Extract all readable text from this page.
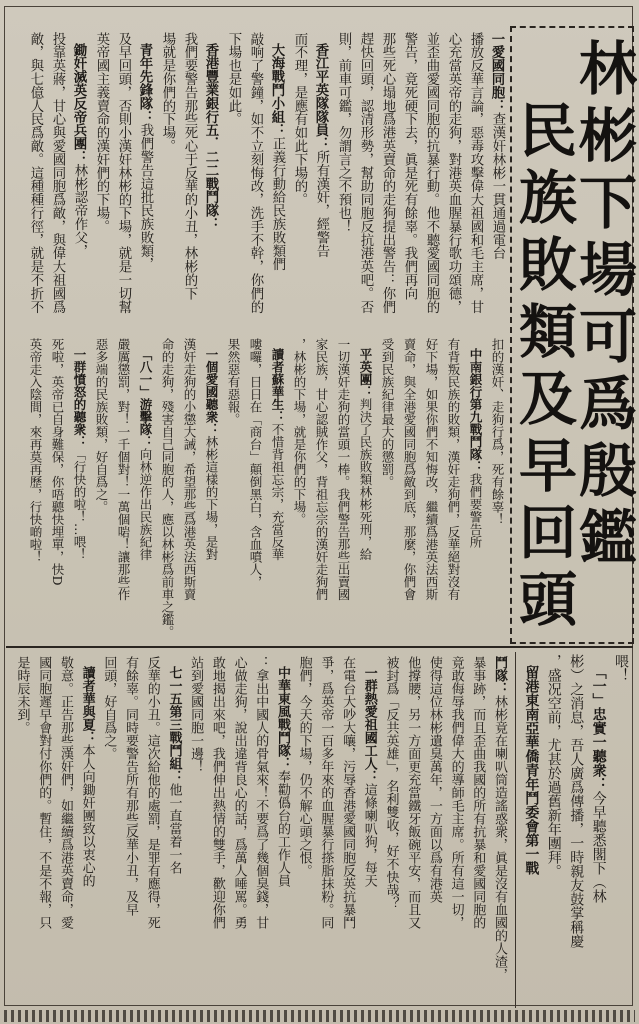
林彬下場可爲殷鑑
民族敗類及早回頭
一愛國同胞：查漢奸林彬一貫通過電台
播放反華言論，惡毒攻擊偉大祖國和毛主席，甘
心充當英帝的走狗，對港英血腥暴行歌功頌德，
並歪曲愛國同胞的抗暴行動。他不聽愛國同胞的
警告，竟死硬下去，眞是死有餘辜。我們再向
那些死心塌地爲港英賣命的走狗提出警告：你們
趕快回頭，認清形勢，幫助同胞反抗港英吧。否
則，前車可鑑，勿謂言之不預也！
香江平英隊隊員：所有漢奸，經警告
而不理，是應有如此下場的。
大海戰鬥小組：正義行動給民族敗類們
敲响了警鐘，如不立刻悔改，洗手不幹，你們的
下場也是如此。
香港豐業銀行五．二二戰鬥隊：
我們要警告那些死心于反華的小丑，林彬的下
場就是你們的下場。
青年先鋒隊：我們警告這批民族敗類，
及早回頭，否則小漢奸林彬的下場，就是一切幫
英帝國主義賣命的漢奸們的下場。
鋤奸滅英反帝兵團：林彬認帝作父，
投靠英蔣，甘心與愛國同胞爲敵，與偉大祖國爲
敵，與七億人民爲敵。這種種行徑，就是不折不
扣的漢奸、走狗行爲，死有餘辜！
中南銀行第九戰鬥隊：我們要警告所
有背叛民族的敗類，漢奸走狗們，反華絕對沒有
好下場，如果你們不知悔改，繼續爲港英法西斯
賣命，與全港愛國同胞爲敵到底，那麼，你們會
受到民族紀律最大的懲罰。
平英團：判決了民族敗類林彬死刑，給
一切漢奸走狗的當頭一棒。我們警告那些出賣國
家民族，甘心認賊作父，背祖忘宗的漢奸走狗們
，林彬的下場，就是你們的下場。
讀者蘇華生：不惜背祖忘宗，充當反華
嘍囉，日日在「商台」顛倒黑白，含血噴人，
果然惡有惡報。
一個愛國聽衆：林彬這樣的下場，是對
漢奸走狗的小懲大誡，希望那些爲港英法西斯賣
命的走狗，殘害自己同胞的人，應以林彬爲前車之鑑。
「八一」游擊隊：向林逆作出民族紀律
嚴厲懲罰，對！一千個對！一萬個啱！讓那些作
惡多端的民族敗類，好自爲之。
一群憤怒的聽衆：「行快的啦！…喂！
死啦，英帝已自身難保，你唔聽快埋單，快D
英帝走入陰間，來再莫再歷，行快啲啦！
喂！
「一」忠實一聽衆：今早聽悉閣下（林
彬）之消息，吾人廣爲傳播，一時親友鼓掌稱慶
，盛况空前，尤甚於過舊新年團拜。
留港東南亞華僑青年鬥委會第一戰
鬥隊：林彬竟在喇叭筒造謠惑衆，眞是沒有血國的人渣，
暴事跡，而且歪曲我國的所有抗暴和愛國同胞的
竟敢侮辱我們偉大的導師毛主席。所有這一切，
使得這位林彬遺臭萬年，一方面以爲有港英
他撐腰，另一方面更充當鐵牙飯碗平安，而且又
被封爲「反共英雄」，名利雙收，好不快哉？
一群熱愛祖國工人：這條喇叭狗，每天
在電台大吵大嚷，污辱香港愛國同胞反英抗暴鬥
爭，爲英帝一百多年來的血腥暴行搽脂抹粉。同
胞們，今天的下場，仍不解心頭之恨。
中華東風戰鬥隊：奉勸僞台的工作人員
：拿出中國人的骨氣來！不要爲了幾個臭錢，甘
心做走狗，說出違背良心的話，爲萬人唾罵。勇
敢地揭出來吧，我們伸出熱情的雙手，歡迎你們
站到愛國同胞一邊！
七一五第三戰鬥組：他一直當着一名
反華的小丑。這次給他的處罰，是罪有應得，死
有餘辜。同時要警告所有那些反華小丑，及早
回頭，好自爲之。
讀者華與夏：本人向鋤奸團致以衷心的
敬意。正告那些漢奸們，如繼續爲港英賣命，愛
國同胞遲早會對付你們的。暫住，不是不報，只
是時辰未到。
